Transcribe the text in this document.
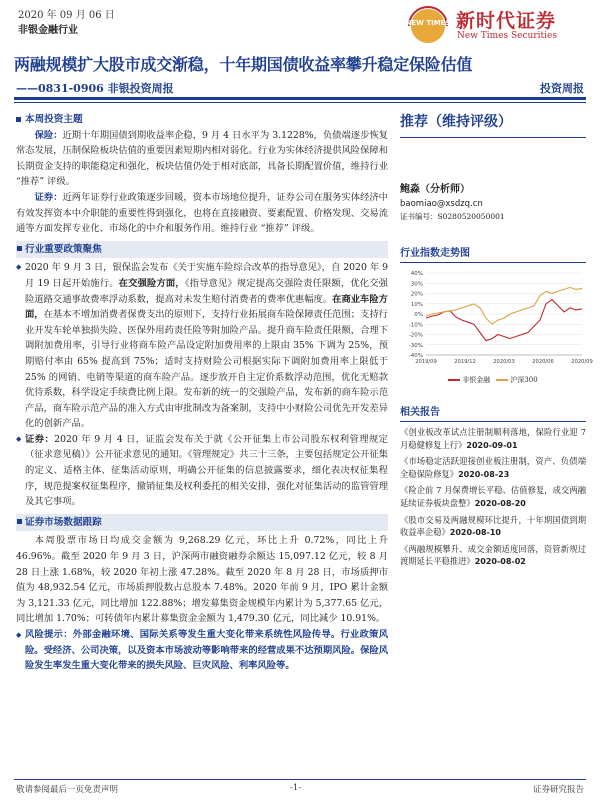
2020 年 09 月 06 日
非银金融行业
NEW TIMES 新时代证券
New Times Securities
两融规模扩大股市成交渐稳，十年期国债收益率攀升稳定保险估值
——0831-0906 非银投资周报	投资周报
本周投资主题

保险：近期十年期国债到期收益率企稳，9 月 4 日水平为 3.1228%，负债端逐步恢复常态发展，压制保险板块估值的重要因素短期内相对弱化。行业为实体经济提供风险保障和长期资金支持的职能稳定和强化，板块估值仍处于相对底部，具备长期配置价值，维持行业 “推荐” 评级。

证券：近两年证券行业政策逐步回暖，资本市场地位提升，证券公司在服务实体经济中有效发挥资本中介职能的重要性得到强化，也将在直接融资、要素配置、价格发现、交易流通等方面发挥专业化、市场化的中介和服务作用。维持行业 “推荐” 评级。

行业重要政策聚焦
◆ 2020 年 9 月 3 日，银保监会发布《关于实施车险综合改革的指导意见》，自 2020 年 9 月 19 日起开始施行。在交强险方面，《指导意见》规定提高交强险责任限额，优化交强险道路交通事故费率浮动系数，提高对未发生赔付消费者的费率优惠幅度。在商业车险方面，在基本不增加消费者保费支出的原则下，支持行业拓展商车险保障责任范围；支持行业开发车轮单独损失险、医保外用药责任险等附加险产品。提升商车险责任限额，合理下调附加费用率，引导行业将商车险产品设定附加费用率的上限由 35% 下调为 25%，预期赔付率由 65% 提高到 75%；适时支持财险公司根据实际下调附加费用率上限低于 25% 的网销、电销等渠道的商车险产品。逐步放开自主定价系数浮动范围，优化无赔款优待系数，科学设定手续费比例上限。发布新的统一的交强险产品，发布新的商车险示范产品，商车险示范产品的准入方式由审批制改为备案制，支持中小财险公司优先开发差异化的创新产品。
◆ 证券：2020 年 9 月 4 日，证监会发布关于就《公开征集上市公司股东权利管理规定（征求意见稿）》公开征求意见的通知。《管理规定》共三十三条，主要包括规定公开征集的定义、适格主体、征集活动原则，明确公开征集的信息披露要求，细化表决权征集程序，规范提案权征集程序，撤销征集及权利委托的相关安排，强化对征集活动的监管管理及其它事项。
证券市场数据跟踪

本周股票市场日均成交金额为 9,268.29 亿元，环比上升 0.72%，同比上升 46.96%。截至 2020 年 9 月 3 日，沪深两市融资融券余额达 15,097.12 亿元，较 8 月 28 日上涨 1.68%，较 2020 年初上涨 47.28%。截至 2020 年 8 月 28 日，市场质押市值为 48,932.54 亿元，市场质押股数占总股本 7.48%。2020 年前 9 月，IPO 累计金额为 3,121.33 亿元，同比增加 122.88%；增发募集资金规模年内累计为 5,377.65 亿元，同比增加 1.70%；可转债年内累计募集资金金额为 1,479.30 亿元，同比减少 10.91%。

◆ 风险提示：外部金融环境、国际关系等发生重大变化带来系统性风险传导。行业政策风险。受经济、公司决策，以及资本市场波动等影响带来的经营成果不达预期风险。保险风险发生率发生重大变化带来的损失风险、巨灾风险、利率风险等。
推荐（维持评级）
鲍淼（分析师）
baomiao@xsdzq.cn
证书编号：S0280520050001
行业指数走势图
-40%
-30%
-20%
-10%
0%
10%
20%
30%
40%
2019/09	2019/12	2020/03	2020/06	2020/09
非银金融	沪深300
相关报告
《创业板改革试点注册制顺利落地，保险行业迎 7 月稳健修复上行》2020-09-01
《市场稳定活跃迎接创业板注册制，资产、负债端全稳保险修复》2020-08-23
《险企前 7 月保费增长平稳、估值修复，成交两融延续证券板块盘整》2020-08-20
《股市交易及两融规模环比提升，十年期国债到期收益率企稳》2020-08-10
《两融规模攀升、成交金额适度回落，资管新规过渡期延长平稳推进》2020-08-02
敬请参阅最后一页免责声明	-1-	证券研究报告
